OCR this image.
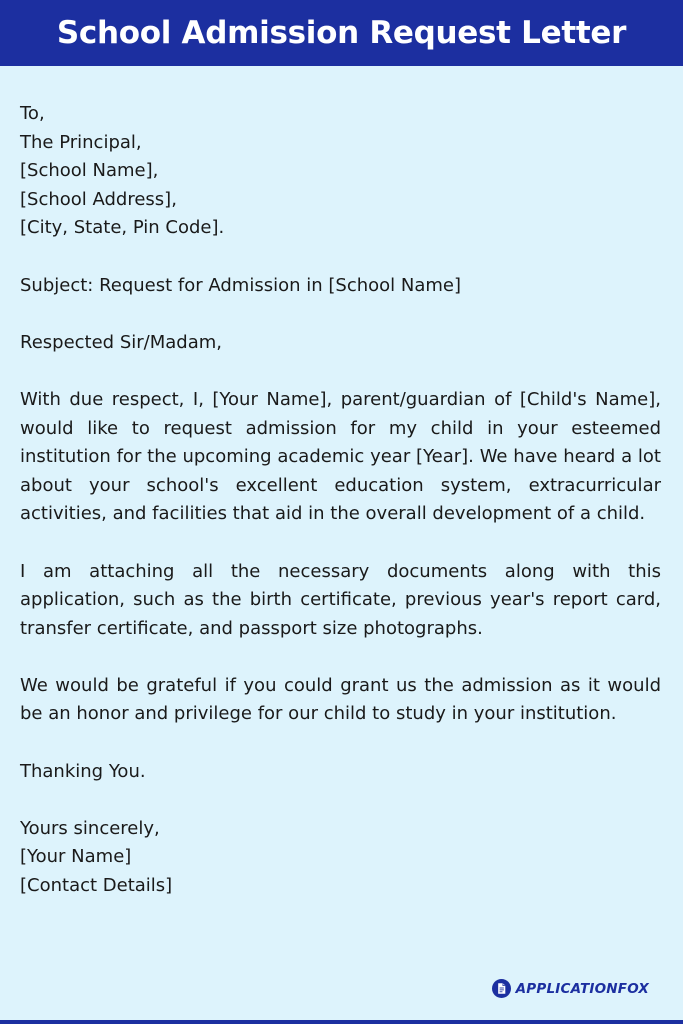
School Admission Request Letter

To,
The Principal,
[School Name],
[School Address],
[City, State, Pin Code].

Subject: Request for Admission in [School Name]

Respected Sir/Madam,

With due respect, I, [Your Name], parent/guardian of [Child's Name], would like to request admission for my child in your esteemed institution for the upcoming academic year [Year]. We have heard a lot about your school's excellent education system, extracurricular activities, and facilities that aid in the overall development of a child.

I am attaching all the necessary documents along with this application, such as the birth certificate, previous year's report card, transfer certificate, and passport size photographs.

We would be grateful if you could grant us the admission as it would be an honor and privilege for our child to study in your institution.

Thanking You.

Yours sincerely,
[Your Name]
[Contact Details]

APPLICATIONFOX
